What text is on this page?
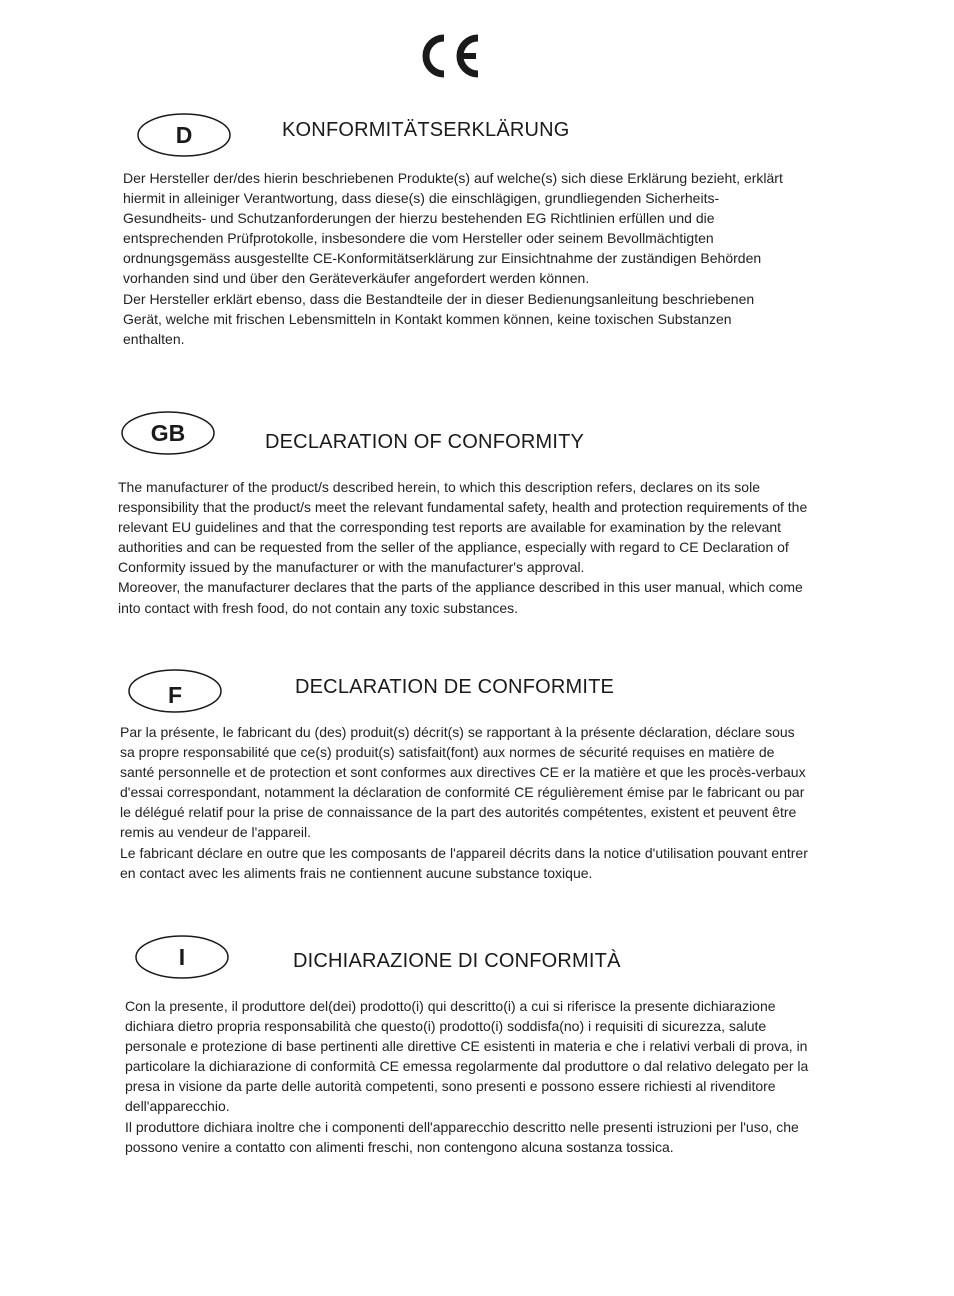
D	KONFORMITÄTSERKLÄRUNG

Der Hersteller der/des hierin beschriebenen Produkte(s) auf welche(s) sich diese Erklärung bezieht, erklärt hiermit in alleiniger Verantwortung, dass diese(s) die einschlägigen, grundliegenden Sicherheits- Gesundheits- und Schutzanforderungen der hierzu bestehenden EG Richtlinien erfüllen und die entsprechenden Prüfprotokolle, insbesondere die vom Hersteller oder seinem Bevollmächtigten ordnungsgemäss ausgestellte CE-Konformitätserklärung zur Einsichtnahme der zuständigen Behörden vorhanden sind und über den Geräteverkäufer angefordert werden können.

Der Hersteller erklärt ebenso, dass die Bestandteile der in dieser Bedienungsanleitung beschriebenen Gerät, welche mit frischen Lebensmitteln in Kontakt kommen können, keine toxischen Substanzen enthalten.

GB	DECLARATION OF CONFORMITY

The manufacturer of the product/s described herein, to which this description refers, declares on its sole responsibility that the product/s meet the relevant fundamental safety, health and protection requirements of the relevant EU guidelines and that the corresponding test reports are available for examination by the relevant authorities and can be requested from the seller of the appliance, especially with regard to CE Declaration of Conformity issued by the manufacturer or with the manufacturer's approval.

Moreover, the manufacturer declares that the parts of the appliance described in this user manual, which come into contact with fresh food, do not contain any toxic substances.

F	DECLARATION DE CONFORMITE

Par la présente, le fabricant du (des) produit(s) décrit(s) se rapportant à la présente déclaration, déclare sous sa propre responsabilité que ce(s) produit(s) satisfait(font) aux normes de sécurité requises en matière de santé personnelle et de protection et sont conformes aux directives CE er la matière et que les procès-verbaux d'essai correspondant, notamment la déclaration de conformité CE régulièrement émise par le fabricant ou par le délégué relatif pour la prise de connaissance de la part des autorités compétentes, existent et peuvent être remis au vendeur de l'appareil.

Le fabricant déclare en outre que les composants de l'appareil décrits dans la notice d'utilisation pouvant entrer en contact avec les aliments frais ne contiennent aucune substance toxique.

I	DICHIARAZIONE DI CONFORMITÀ

Con la presente, il produttore del(dei) prodotto(i) qui descritto(i) a cui si riferisce la presente dichiarazione dichiara dietro propria responsabilità che questo(i) prodotto(i) soddisfa(no) i requisiti di sicurezza, salute personale e protezione di base pertinenti alle direttive CE esistenti in materia e che i relativi verbali di prova, in particolare la dichiarazione di conformità CE emessa regolarmente dal produttore o dal relativo delegato per la presa in visione da parte delle autorità competenti, sono presenti e possono essere richiesti al rivenditore dell'apparecchio.

Il produttore dichiara inoltre che i componenti dell'apparecchio descritto nelle presenti istruzioni per l'uso, che possono venire a contatto con alimenti freschi, non contengono alcuna sostanza tossica.
